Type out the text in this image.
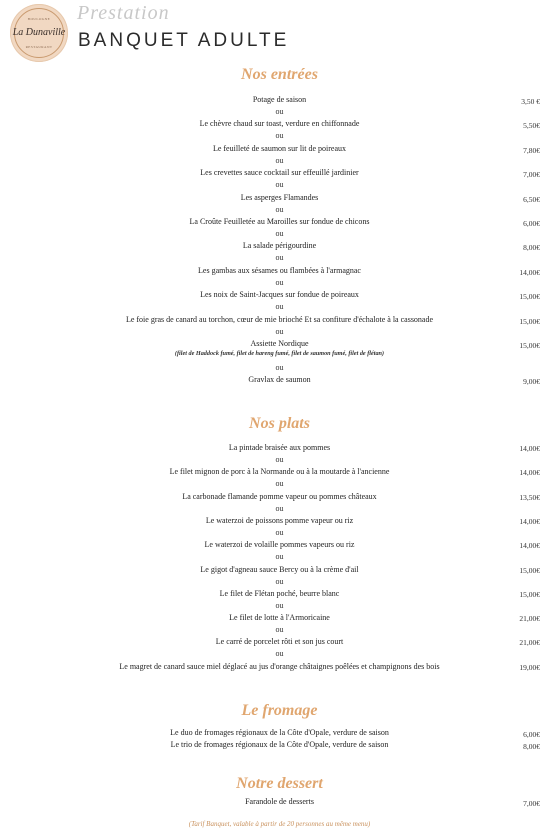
BOULOGNE
La Dunaville
RESTAURANT
Prestation
BANQUET ADULTE
Nos entrées
Potage de saison	3,50 €
ou
Le chèvre chaud sur toast, verdure en chiffonnade	5,50€
ou
Le feuilleté de saumon sur lit de poireaux	7,80€
ou
Les crevettes sauce cocktail sur effeuillé jardinier	7,00€
ou
Les asperges Flamandes	6,50€
ou
La Croûte Feuilletée au Maroilles sur fondue de chicons	6,00€
ou
La salade périgourdine	8,00€
ou
Les gambas aux sésames ou flambées à l'armagnac	14,00€
ou
Les noix de Saint-Jacques sur fondue de poireaux	15,00€
ou
Le foie gras de canard au torchon, cœur de mie brioché Et sa confiture d'échalote à la cassonade	15,00€
ou
Assiette Nordique	15,00€
(filet de Haddock fumé, filet de hareng fumé, filet de saumon fumé, filet de flétan)
ou
Gravlax de saumon	9,00€
Nos plats
La pintade braisée aux pommes	14,00€
ou
Le filet mignon de porc à la Normande ou à la moutarde à l'ancienne	14,00€
ou
La carbonade flamande pomme vapeur ou pommes châteaux	13,50€
ou
Le waterzoi de poissons pomme vapeur ou riz	14,00€
ou
Le waterzoi de volaille pommes vapeurs ou riz	14,00€
ou
Le gigot d'agneau sauce Bercy ou à la crème d'ail	15,00€
ou
Le filet de Flétan poché, beurre blanc	15,00€
ou
Le filet de lotte à l'Armoricaine	21,00€
ou
Le carré de porcelet rôti et son jus court	21,00€
ou
Le magret de canard sauce miel déglacé au jus d'orange châtaignes poêlées et champignons des bois	19,00€
Le fromage
Le duo de fromages régionaux de la Côte d'Opale, verdure de saison	6,00€
Le trio de fromages régionaux de la Côte d'Opale, verdure de saison	8,00€
Notre dessert
Farandole de desserts	7,00€
(Tarif Banquet, valable à partir de 20 personnes au même menu)
